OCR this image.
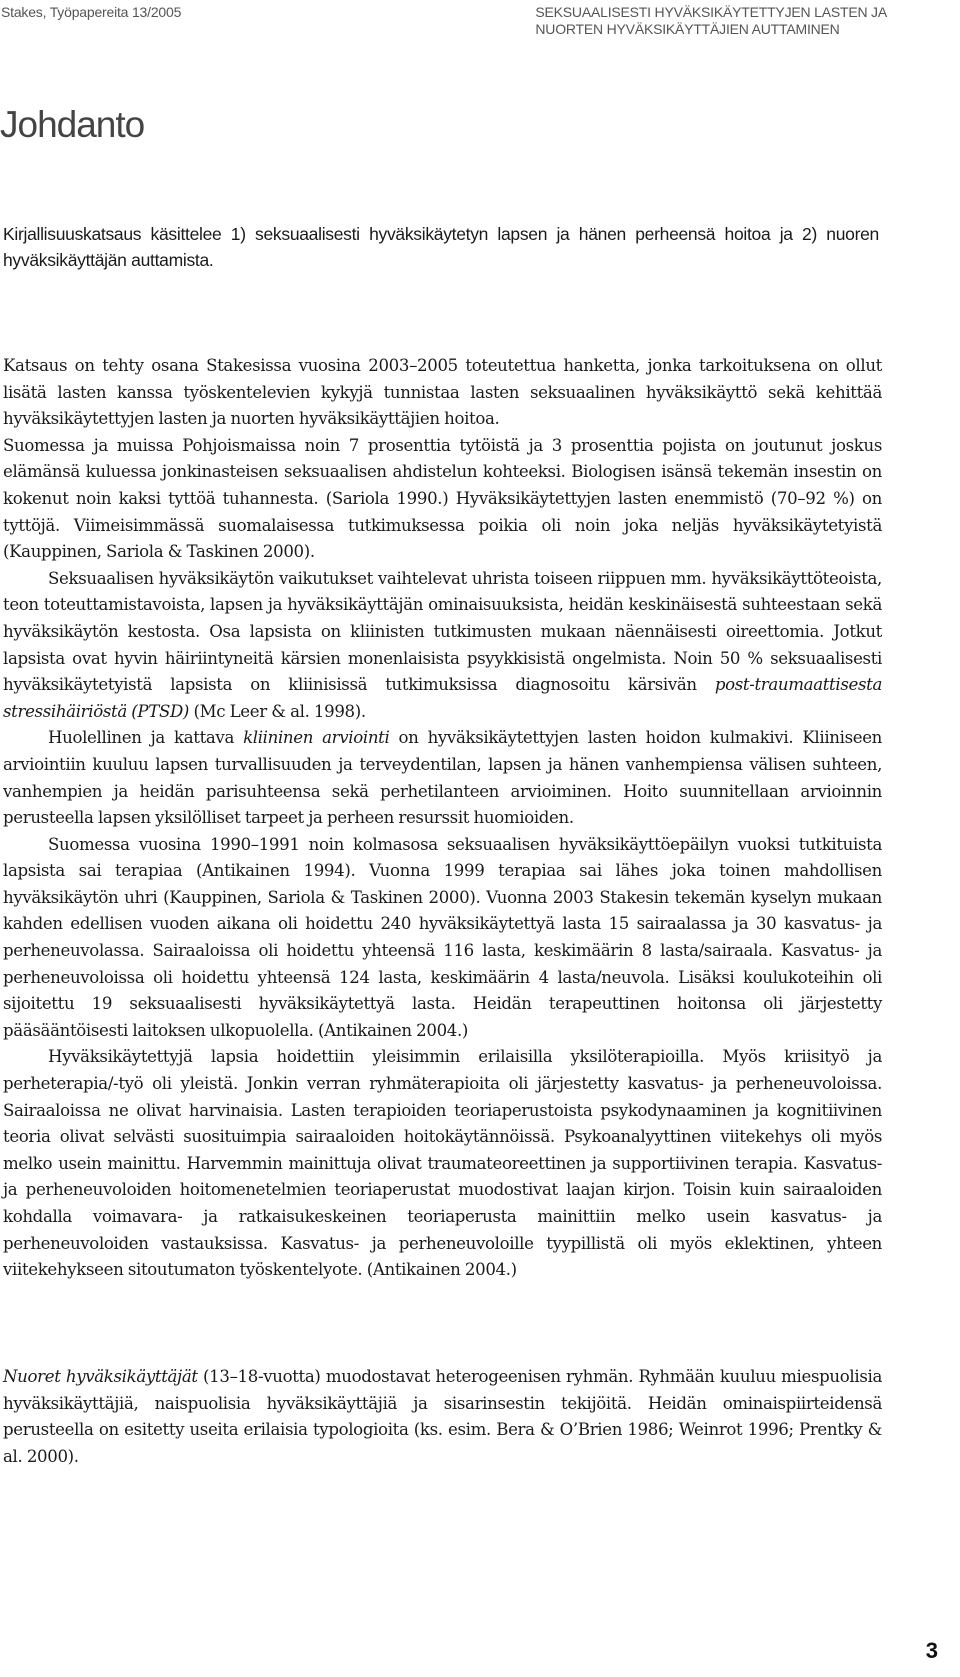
Stakes, Työpapereita 13/2005	SEKSUAALISESTI HYVÄKSIKÄYTETTYJEN LASTEN JA
NUORTEN HYVÄKSIKÄYTTÄJIEN AUTTAMINEN
Johdanto

Kirjallisuuskatsaus käsittelee 1) seksuaalisesti hyväksikäytetyn lapsen ja hänen perheensä hoitoa ja 2) nuoren hyväksikäyttäjän auttamista.

Katsaus on tehty osana Stakesissa vuosina 2003–2005 toteutettua hanketta, jonka tarkoituksena on ollut lisätä lasten kanssa työskentelevien kykyjä tunnistaa lasten seksuaalinen hyväksikäyttö sekä kehittää hyväksikäytettyjen lasten ja nuorten hyväksikäyttäjien hoitoa.

Suomessa ja muissa Pohjoismaissa noin 7 prosenttia tytöistä ja 3 prosenttia pojista on joutunut joskus elämänsä kuluessa jonkinasteisen seksuaalisen ahdistelun kohteeksi. Biologisen isänsä tekemän insestin on kokenut noin kaksi tyttöä tuhannesta. (Sariola 1990.) Hyväksikäytettyjen lasten enemmistö (70–92 %) on tyttöjä. Viimeisimmässä suomalaisessa tutkimuksessa poikia oli noin joka neljäs hyväksikäytetyistä (Kauppinen, Sariola & Taskinen 2000).

Seksuaalisen hyväksikäytön vaikutukset vaihtelevat uhrista toiseen riippuen mm. hyväksikäyttöteoista, teon toteuttamistavoista, lapsen ja hyväksikäyttäjän ominaisuuksista, heidän keskinäisestä suhteestaan sekä hyväksikäytön kestosta. Osa lapsista on kliinisten tutkimusten mukaan näennäisesti oireettomia. Jotkut lapsista ovat hyvin häiriintyneitä kärsien monenlaisista psyykkisistä ongelmista. Noin 50 % seksuaalisesti hyväksikäytetyistä lapsista on kliinisissä tutkimuksissa diagnosoitu kärsivän post-traumaattisesta stressihäiriöstä (PTSD) (Mc Leer & al. 1998).

Huolellinen ja kattava kliininen arviointi on hyväksikäytettyjen lasten hoidon kulmakivi. Kliiniseen arviointiin kuuluu lapsen turvallisuuden ja terveydentilan, lapsen ja hänen vanhempiensa välisen suhteen, vanhempien ja heidän parisuhteensa sekä perhetilanteen arvioiminen. Hoito suunnitellaan arvioinnin perusteella lapsen yksilölliset tarpeet ja perheen resurssit huomioiden.

Suomessa vuosina 1990–1991 noin kolmasosa seksuaalisen hyväksikäyttöepäilyn vuoksi tutkituista lapsista sai terapiaa (Antikainen 1994). Vuonna 1999 terapiaa sai lähes joka toinen mahdollisen hyväksikäytön uhri (Kauppinen, Sariola & Taskinen 2000). Vuonna 2003 Stakesin tekemän kyselyn mukaan kahden edellisen vuoden aikana oli hoidettu 240 hyväksikäytettyä lasta 15 sairaalassa ja 30 kasvatus- ja perheneuvolassa. Sairaaloissa oli hoidettu yhteensä 116 lasta, keskimäärin 8 lasta/sairaala. Kasvatus- ja perheneuvoloissa oli hoidettu yhteensä 124 lasta, keskimäärin 4 lasta/neuvola. Lisäksi koulukoteihin oli sijoitettu 19 seksuaalisesti hyväksikäytettyä lasta. Heidän terapeuttinen hoitonsa oli järjestetty pääsääntöisesti laitoksen ulkopuolella. (Antikainen 2004.)

Hyväksikäytettyjä lapsia hoidettiin yleisimmin erilaisilla yksilöterapioilla. Myös kriisityö ja perheterapia/-työ oli yleistä. Jonkin verran ryhmäterapioita oli järjestetty kasvatus- ja perheneuvoloissa. Sairaaloissa ne olivat harvinaisia. Lasten terapioiden teoriaperustoista psykodynaaminen ja kognitiivinen teoria olivat selvästi suosituimpia sairaaloiden hoitokäytännöissä. Psykoanalyyttinen viitekehys oli myös melko usein mainittu. Harvemmin mainittuja olivat traumateoreettinen ja supportiivinen terapia. Kasvatus- ja perheneuvoloiden hoitomenetelmien teoriaperustat muodostivat laajan kirjon. Toisin kuin sairaaloiden kohdalla voimavara- ja ratkaisukeskeinen teoriaperusta mainittiin melko usein kasvatus- ja perheneuvoloiden vastauksissa. Kasvatus- ja perheneuvoloille tyypillistä oli myös eklektinen, yhteen viitekehykseen sitoutumaton työskentelyote. (Antikainen 2004.)

Nuoret hyväksikäyttäjät (13–18-vuotta) muodostavat heterogeenisen ryhmän. Ryhmään kuuluu miespuolisia hyväksikäyttäjiä, naispuolisia hyväksikäyttäjiä ja sisarinsestin tekijöitä. Heidän ominaispiirteidensä perusteella on esitetty useita erilaisia typologioita (ks. esim. Bera & O’Brien 1986; Weinrot 1996; Prentky & al. 2000).

3
